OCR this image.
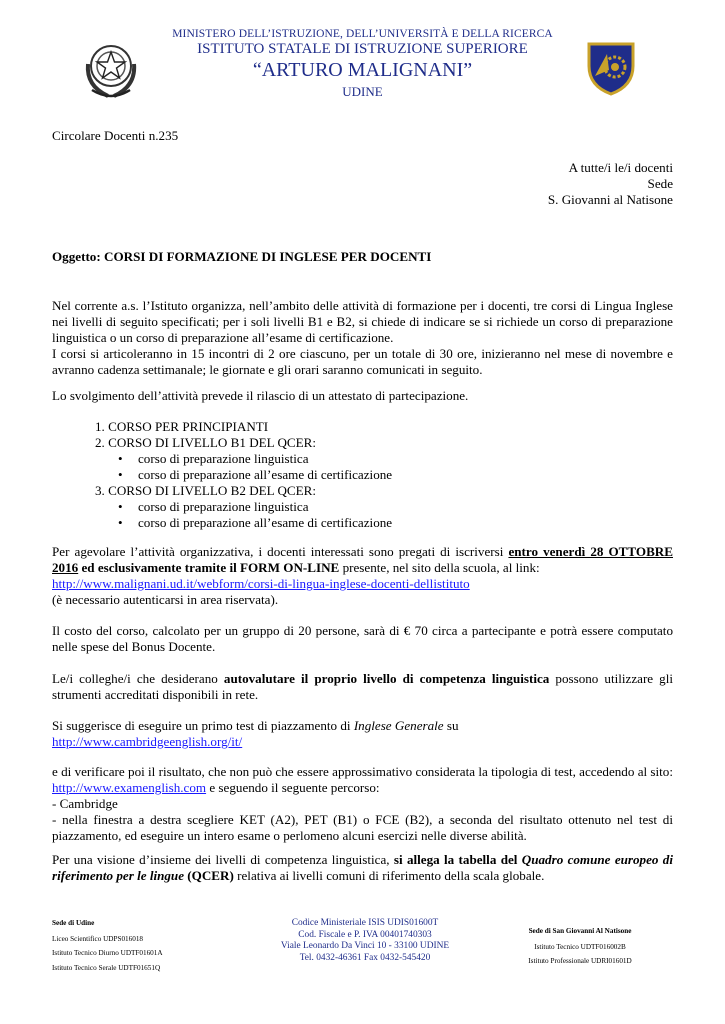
MINISTERO DELL’ISTRUZIONE, DELL’UNIVERSITÀ E DELLA RICERCA
ISTITUTO STATALE DI ISTRUZIONE SUPERIORE
“ARTURO MALIGNANI”
UDINE
Circolare Docenti n.235
A tutte/i le/i docenti
Sede
S. Giovanni al Natisone
Oggetto: CORSI DI FORMAZIONE DI INGLESE PER DOCENTI
Nel corrente a.s. l’Istituto organizza, nell’ambito delle attività di formazione per i docenti, tre corsi di Lingua Inglese nei livelli di seguito specificati; per i soli livelli B1 e B2, si chiede di indicare se si richiede un corso di preparazione linguistica o un corso di preparazione all’esame di certificazione.
I corsi si articoleranno in 15 incontri di 2 ore ciascuno, per un totale di 30 ore, inizieranno nel mese di novembre e avranno cadenza settimanale; le giornate e gli orari saranno comunicati in seguito.
Lo svolgimento dell’attività prevede il rilascio di un attestato di partecipazione.
1. CORSO PER PRINCIPIANTI
2. CORSO DI LIVELLO B1 DEL QCER:
• corso di preparazione linguistica
• corso di preparazione all’esame di certificazione
3. CORSO DI LIVELLO B2 DEL QCER:
• corso di preparazione linguistica
• corso di preparazione all’esame di certificazione
Per agevolare l’attività organizzativa, i docenti interessati sono pregati di iscriversi entro venerdì 28 OTTOBRE 2016 ed esclusivamente tramite il FORM ON-LINE presente, nel sito della scuola, al link:
http://www.malignani.ud.it/webform/corsi-di-lingua-inglese-docenti-dellistituto
(è necessario autenticarsi in area riservata).
Il costo del corso, calcolato per un gruppo di 20 persone, sarà di € 70 circa a partecipante e potrà essere computato nelle spese del Bonus Docente.
Le/i colleghe/i che desiderano autovalutare il proprio livello di competenza linguistica possono utilizzare gli strumenti accreditati disponibili in rete.
Si suggerisce di eseguire un primo test di piazzamento di Inglese Generale su
http://www.cambridgeenglish.org/it/
e di verificare poi il risultato, che non può che essere approssimativo considerata la tipologia di test, accedendo al sito: http://www.examenglish.com e seguendo il seguente percorso:
- Cambridge
- nella finestra a destra scegliere KET (A2), PET (B1) o FCE (B2), a seconda del risultato ottenuto nel test di piazzamento, ed eseguire un intero esame o perlomeno alcuni esercizi nelle diverse abilità.
Per una visione d’insieme dei livelli di competenza linguistica, si allega la tabella del Quadro comune europeo di riferimento per le lingue (QCER) relativa ai livelli comuni di riferimento della scala globale.
Sede di Udine
Liceo Scientifico UDPS016018
Istituto Tecnico Diurno UDTF01601A
Istituto Tecnico Serale UDTF01651Q
Codice Ministeriale ISIS UDIS01600T
Cod. Fiscale e P. IVA 00401740303
Viale Leonardo Da Vinci 10 - 33100 UDINE
Tel. 0432-46361 Fax 0432-545420
Sede di San Giovanni Al Natisone
Istituto Tecnico UDTF016002B
Istituto Professionale UDRI01601D
